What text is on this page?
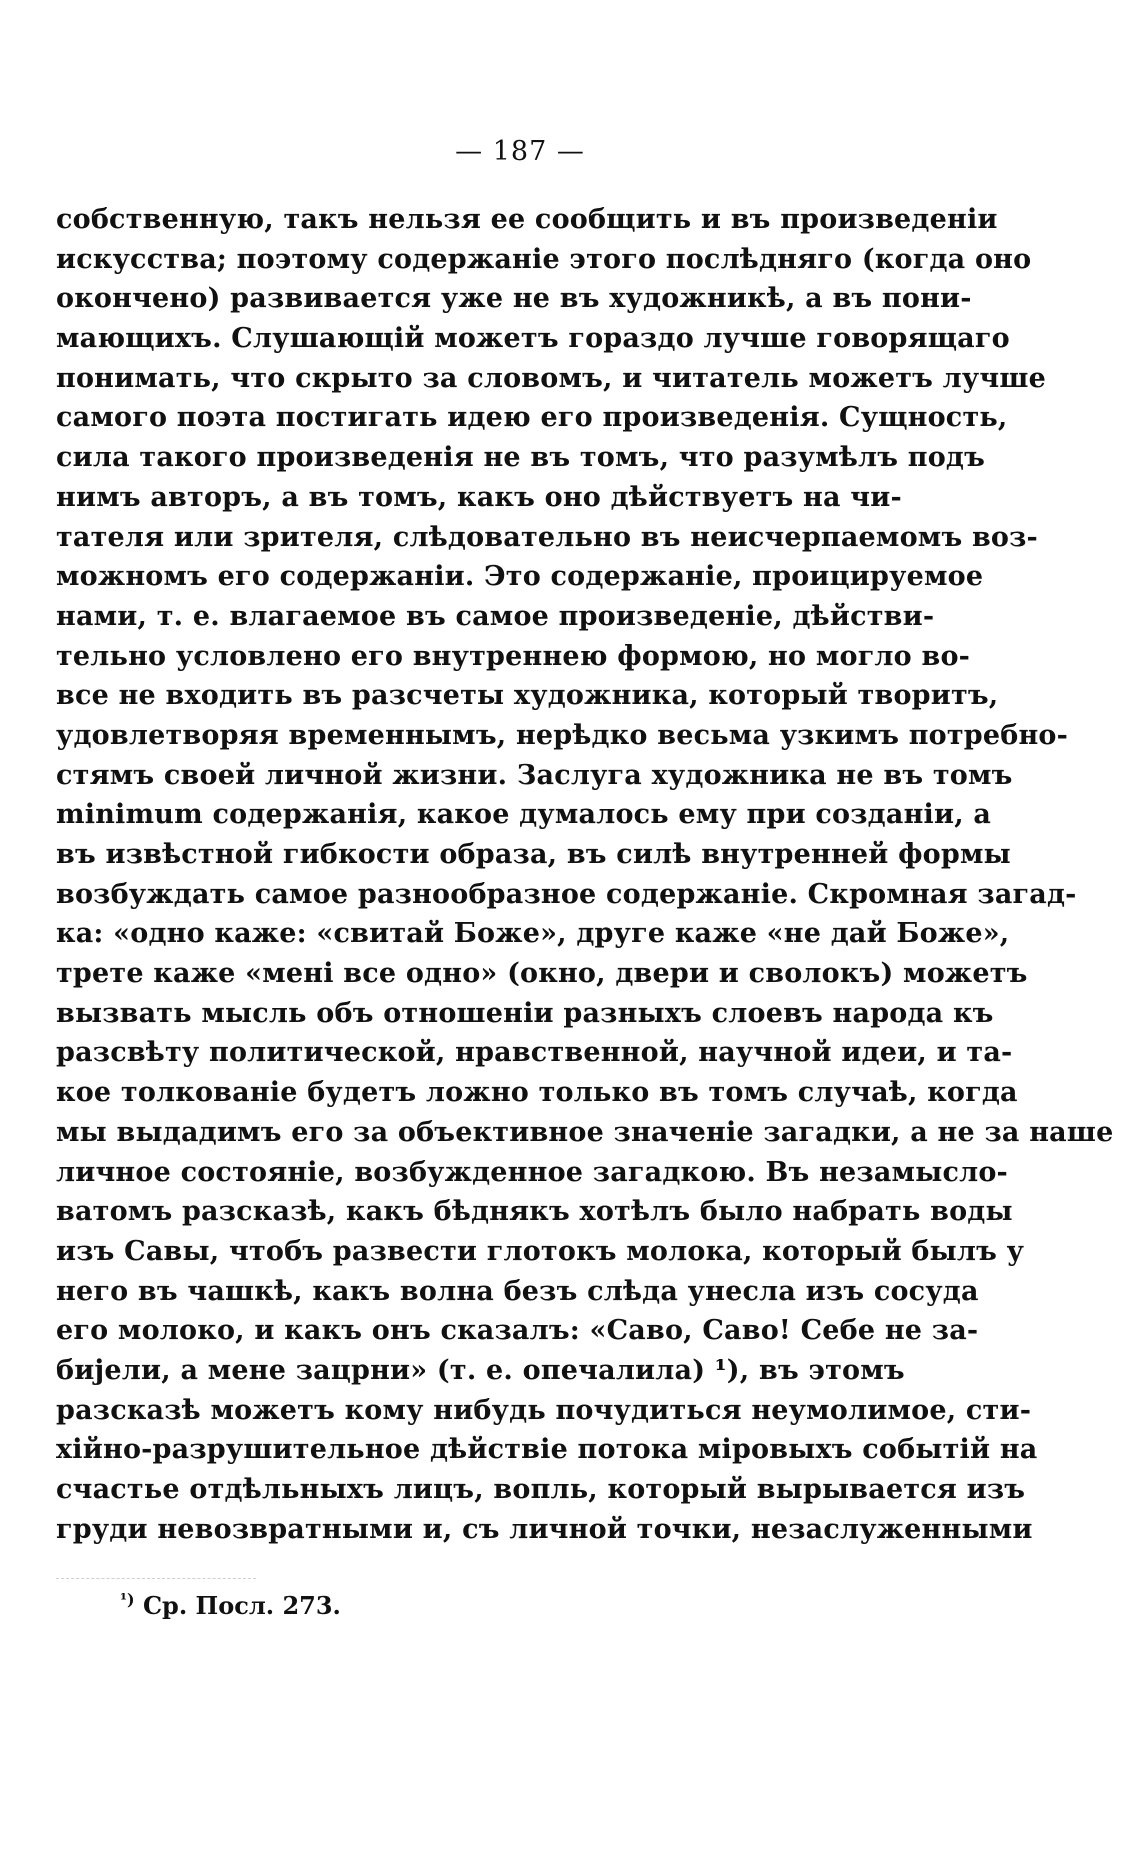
— 187 —
собственную, такъ нельзя ее сообщить и въ произведеніи
искусства; поэтому содержаніе этого послѣдняго (когда оно
окончено) развивается уже не въ художникѣ, а въ пони-
мающихъ. Слушающій можетъ гораздо лучше говорящаго
понимать, что скрыто за словомъ, и читатель можетъ лучше
самого поэта постигать идею его произведенія. Сущность,
сила такого произведенія не въ томъ, что разумѣлъ подъ
нимъ авторъ, а въ томъ, какъ оно дѣйствуетъ на чи-
тателя или зрителя, слѣдовательно въ неисчерпаемомъ воз-
можномъ его содержаніи. Это содержаніе, проицируемое
нами, т. е. влагаемое въ самое произведеніе, дѣйстви-
тельно условлено его внутреннею формою, но могло во-
все не входить въ разсчеты художника, который творитъ,
удовлетворяя временнымъ, нерѣдко весьма узкимъ потребно-
стямъ своей личной жизни. Заслуга художника не въ томъ
minimum содержанія, какое думалось ему при созданіи, а
въ извѣстной гибкости образа, въ силѣ внутренней формы
возбуждать самое разнообразное содержаніе. Скромная загад-
ка: «одно каже: «свитай Боже», друге каже «не дай Боже»,
трете каже «мені все одно» (окно, двери и сволокъ) можетъ
вызвать мысль объ отношеніи разныхъ слоевъ народа къ
разсвѣту политической, нравственной, научной идеи, и та-
кое толкованіе будетъ ложно только въ томъ случаѣ, когда
мы выдадимъ его за объективное значеніе загадки, а не за наше
личное состояніе, возбужденное загадкою. Въ незамысло-
ватомъ разсказѣ, какъ бѣднякъ хотѣлъ было набрать воды
изъ Савы, чтобъ развести глотокъ молока, который былъ у
него въ чашкѣ, какъ волна безъ слѣда унесла изъ сосуда
его молоко, и какъ онъ сказалъ: «Саво, Саво! Себе не за-
бијели, а мене зацрни» (т. е. опечалила) ¹), въ этомъ
разсказѣ можетъ кому нибудь почудиться неумолимое, сти-
хійно-разрушительное дѣйствіе потока міровыхъ событій на
счастье отдѣльныхъ лицъ, вопль, который вырывается изъ
груди невозвратными и, съ личной точки, незаслуженными
$^{^1)}$ Ср. Посл. 273.
